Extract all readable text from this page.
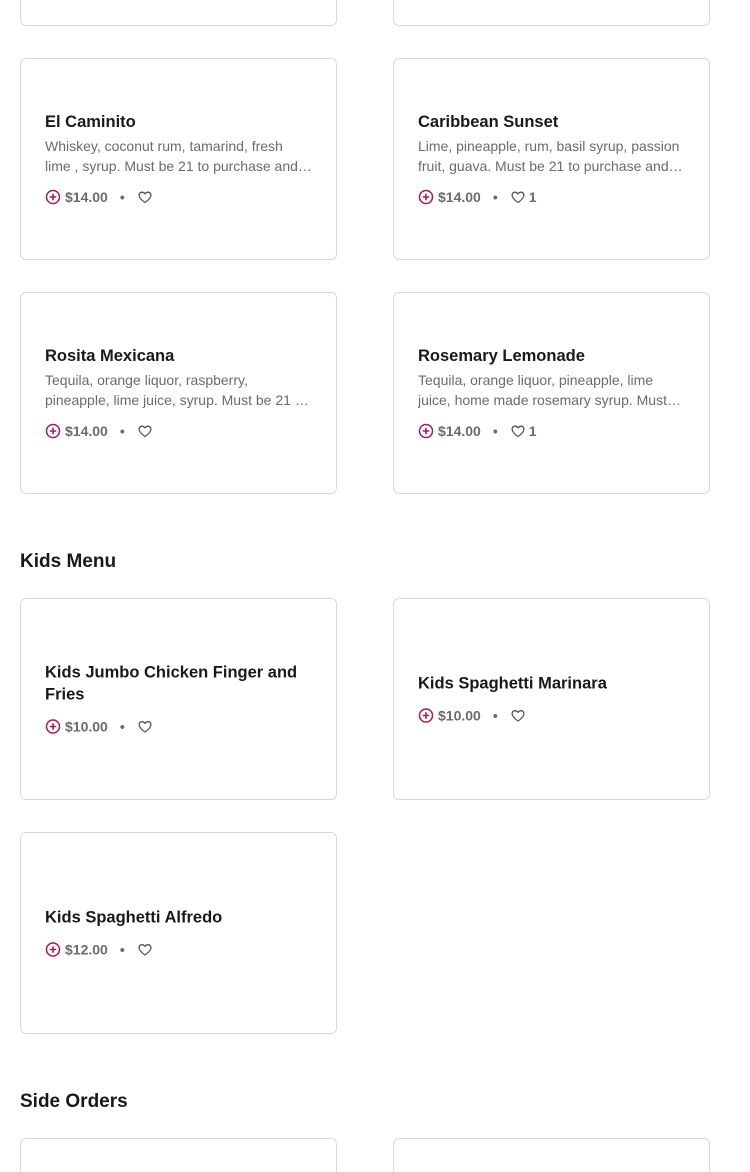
El Caminito
Whiskey, coconut rum, tamarind, fresh lime , syrup. Must be 21 to purchase and
$14.00 •
Caribbean Sunset
Lime, pineapple, rum, basil syrup, passion fruit, guava. Must be 21 to purchase and
$14.00 • 1
Rosita Mexicana
Tequila, orange liquor, raspberry, pineapple, lime juice, syrup. Must be 21 to
$14.00 •
Rosemary Lemonade
Tequila, orange liquor, pineapple, lime juice, home made rosemary syrup. Must
$14.00 • 1
Kids Menu
Kids Jumbo Chicken Finger and Fries
$10.00 •
Kids Spaghetti Marinara
$10.00 •
Kids Spaghetti Alfredo
$12.00 •
Side Orders
